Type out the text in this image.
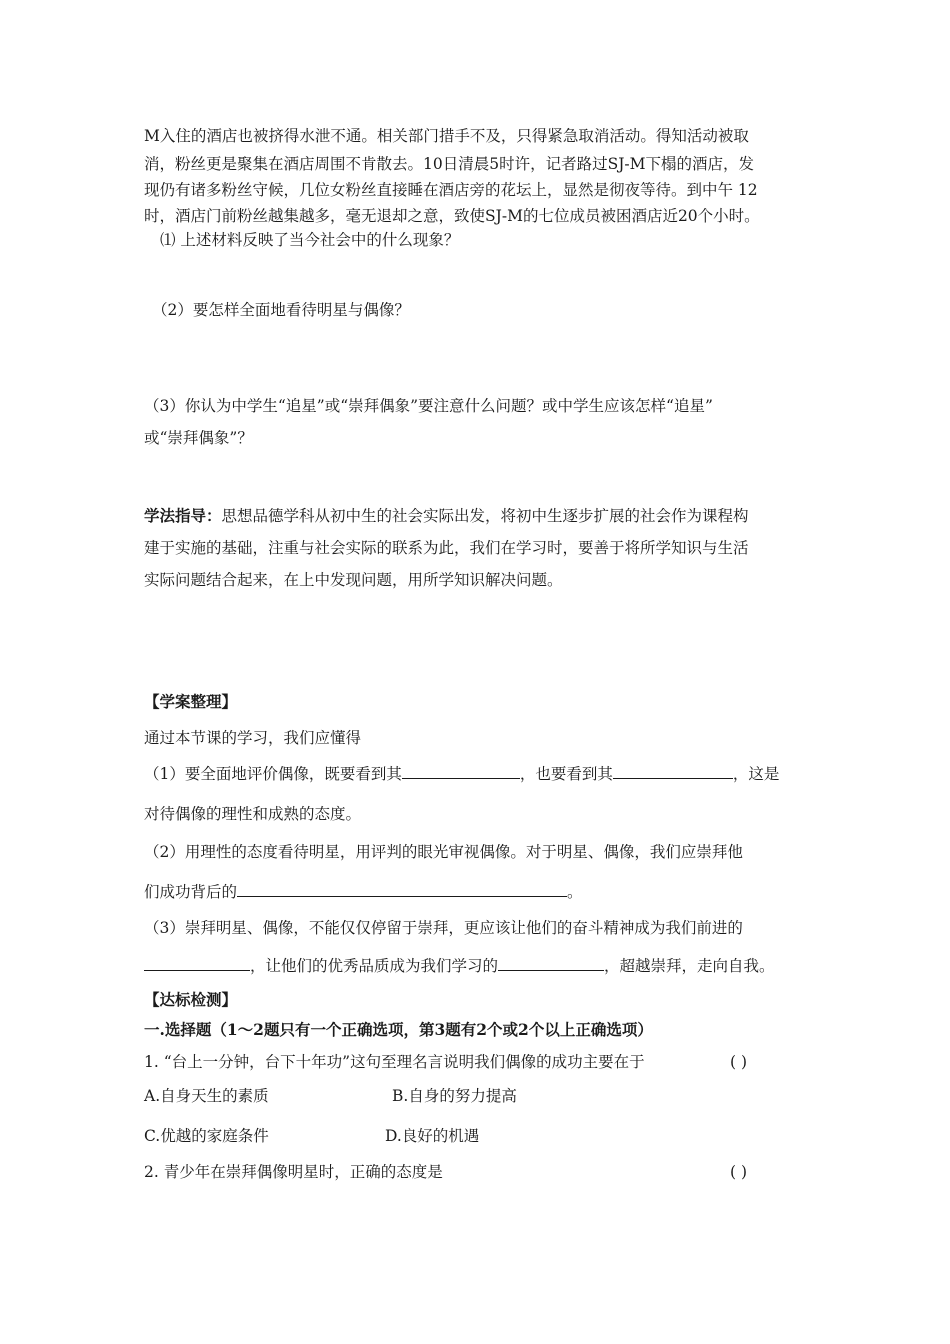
M入住的酒店也被挤得水泄不通。相关部门措手不及，只得紧急取消活动。得知活动被取
消，粉丝更是聚集在酒店周围不肯散去。10日清晨5时许，记者路过SJ-M下榻的酒店，发
现仍有诸多粉丝守候，几位女粉丝直接睡在酒店旁的花坛上，显然是彻夜等待。到中午 12
时，酒店门前粉丝越集越多，毫无退却之意，致使SJ-M的七位成员被困酒店近20个小时。
⑴ 上述材料反映了当今社会中的什么现象？
（2）要怎样全面地看待明星与偶像？
（3）你认为中学生“追星”或“崇拜偶象”要注意什么问题？或中学生应该怎样“追星”
或“崇拜偶象”？
学法指导：思想品德学科从初中生的社会实际出发，将初中生逐步扩展的社会作为课程构
建于实施的基础，注重与社会实际的联系为此，我们在学习时，要善于将所学知识与生活
实际问题结合起来，在上中发现问题，用所学知识解决问题。
【学案整理】
通过本节课的学习，我们应懂得
（1）要全面地评价偶像，既要看到其	，也要看到其	，这是
对待偶像的理性和成熟的态度。
（2）用理性的态度看待明星，用评判的眼光审视偶像。对于明星、偶像，我们应崇拜他
们成功背后的	。
（3）崇拜明星、偶像，不能仅仅停留于崇拜，更应该让他们的奋斗精神成为我们前进的
，让他们的优秀品质成为我们学习的	，超越崇拜，走向自我。
【达标检测】
一.选择题（1～2题只有一个正确选项，第3题有2个或2个以上正确选项）
1. “台上一分钟，台下十年功”这句至理名言说明我们偶像的成功主要在于	( )
A.自身天生的素质	B.自身的努力提高
C.优越的家庭条件	D.良好的机遇
2. 青少年在崇拜偶像明星时，正确的态度是	( )
